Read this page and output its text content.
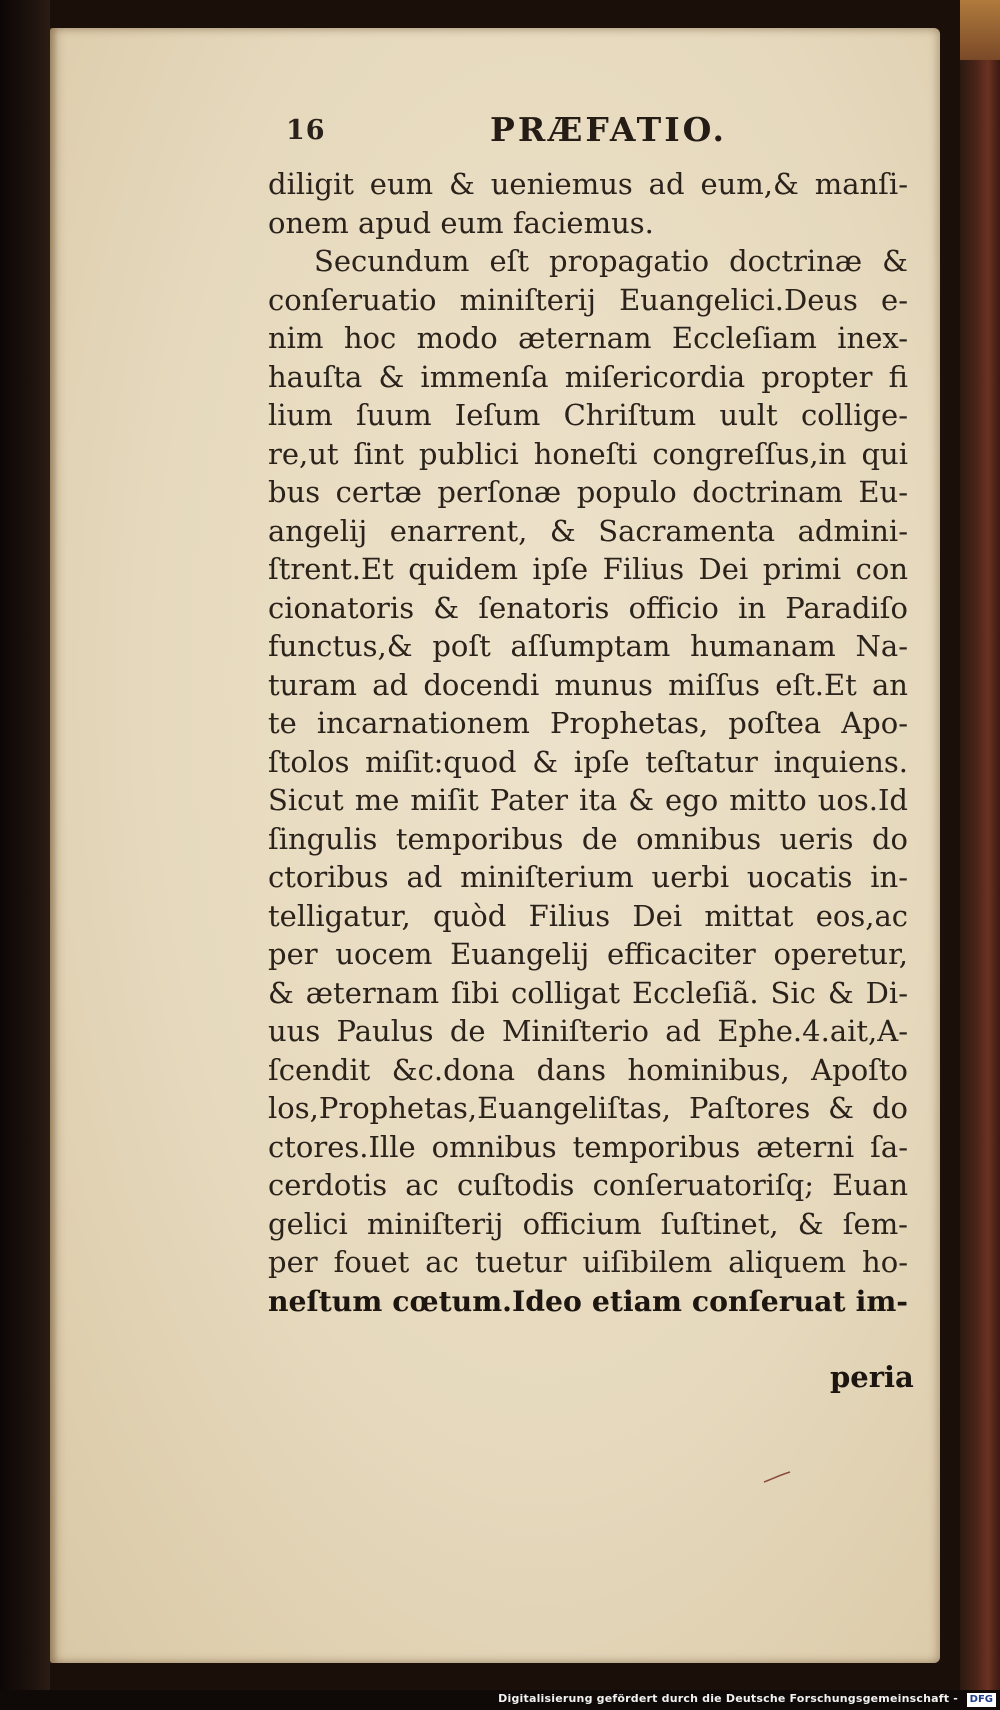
16	PRÆFATIO.
diligit eum & ueniemus ad eum,& manſi-
onem apud eum faciemus.
Secundum eſt propagatio doctrinæ &
conſeruatio miniſterij Euangelici.Deus e-
nim hoc modo æternam Eccleſiam inex-
hauſta & immenſa miſericordia propter fi
lium ſuum Ieſum Chriſtum uult collige-
re,ut ſint publici honeſti congreſſus,in qui
bus certæ perſonæ populo doctrinam Eu-
angelij enarrent, & Sacramenta admini-
ſtrent.Et quidem ipſe Filius Dei primi con
cionatoris & ſenatoris officio in Paradiſo
functus,& poſt aſſumptam humanam Na-
turam ad docendi munus miſſus eſt.Et an
te incarnationem Prophetas, poſtea Apo-
ſtolos miſit:quod & ipſe teſtatur inquiens.
Sicut me miſit Pater ita & ego mitto uos.Id
ſingulis temporibus de omnibus ueris do
ctoribus ad miniſterium uerbi uocatis in-
telligatur, quòd Filius Dei mittat eos,ac
per uocem Euangelij efficaciter operetur,
& æternam ſibi colligat Eccleſiã. Sic & Di-
uus Paulus de Miniſterio ad Ephe.4.ait,A-
ſcendit &c.dona dans hominibus, Apoſto
los,Prophetas,Euangeliſtas, Paſtores & do
ctores.Ille omnibus temporibus æterni ſa-
cerdotis ac cuſtodis conſeruatoriſq; Euan
gelici miniſterij officium ſuſtinet, & ſem-
per fouet ac tuetur uiſibilem aliquem ho-
neſtum cœtum.Ideo etiam conſeruat im-
peria
Digitalisierung gefördert durch die Deutsche Forschungsgemeinschaft -	DFG
